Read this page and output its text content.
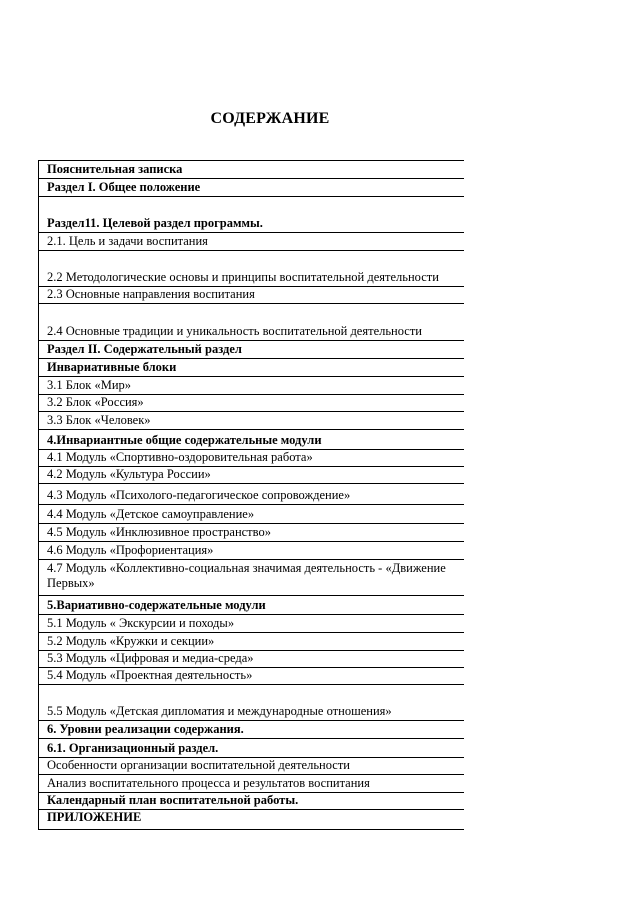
СОДЕРЖАНИЕ
Пояснительная записка
Раздел I. Общее положение
Раздел11. Целевой раздел программы.
2.1. Цель и задачи воспитания
2.2 Методологические основы и принципы воспитательной деятельности
2.3 Основные направления воспитания
2.4 Основные традиции и уникальность воспитательной деятельности
Раздел II. Содержательный раздел
Инвариативные блоки
3.1 Блок «Мир»
3.2 Блок «Россия»
3.3 Блок «Человек»
4.Инвариантные общие содержательные модули
4.1 Модуль «Спортивно-оздоровительная работа»
4.2 Модуль «Культура России»
4.3 Модуль «Психолого-педагогическое сопровождение»
4.4 Модуль «Детское самоуправление»
4.5 Модуль «Инклюзивное пространство»
4.6 Модуль «Профориентация»
4.7 Модуль «Коллективно-социальная значимая деятельность - «Движение Первых»
5.Вариативно-содержательные модули
5.1 Модуль « Экскурсии и походы»
5.2 Модуль «Кружки и секции»
5.3 Модуль «Цифровая и медиа-среда»
5.4 Модуль «Проектная деятельность»
5.5 Модуль «Детская дипломатия и международные отношения»
6. Уровни реализации содержания.
6.1. Организационный раздел.
Особенности организации воспитательной деятельности
Анализ воспитательного процесса и результатов воспитания
Календарный план воспитательной работы.
ПРИЛОЖЕНИЕ
